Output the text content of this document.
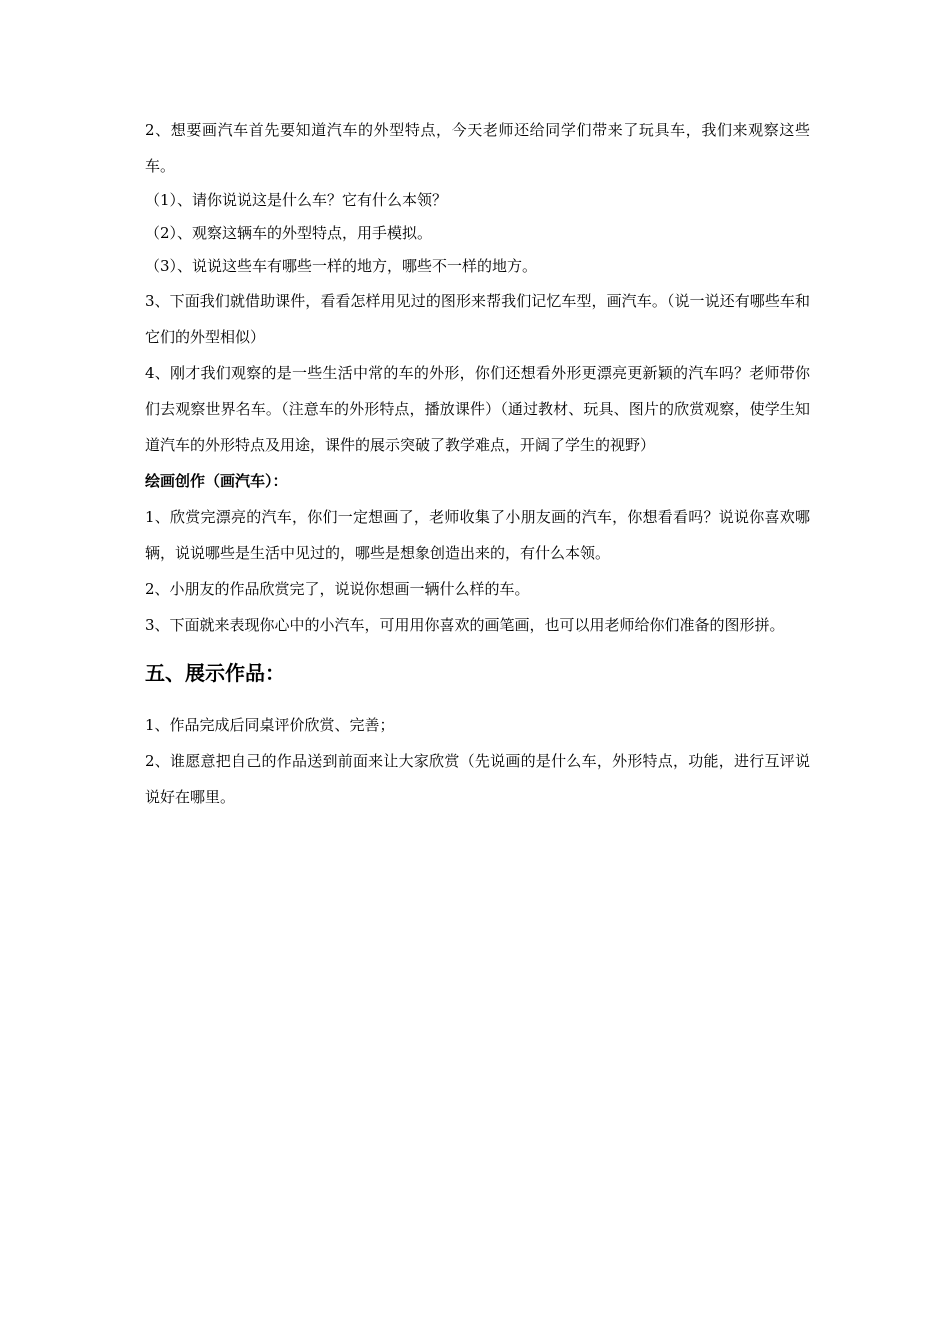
2、想要画汽车首先要知道汽车的外型特点，今天老师还给同学们带来了玩具车，我们来观察这些车。

（1）、请你说说这是什么车？它有什么本领？

（2）、观察这辆车的外型特点，用手模拟。

（3）、说说这些车有哪些一样的地方，哪些不一样的地方。

3、下面我们就借助课件，看看怎样用见过的图形来帮我们记忆车型，画汽车。（说一说还有哪些车和它们的外型相似）

4、刚才我们观察的是一些生活中常的车的外形，你们还想看外形更漂亮更新颖的汽车吗？老师带你们去观察世界名车。（注意车的外形特点，播放课件）（通过教材、玩具、图片的欣赏观察，使学生知道汽车的外形特点及用途，课件的展示突破了教学难点，开阔了学生的视野）

绘画创作（画汽车）：

1、欣赏完漂亮的汽车，你们一定想画了，老师收集了小朋友画的汽车，你想看看吗？说说你喜欢哪辆，说说哪些是生活中见过的，哪些是想象创造出来的，有什么本领。

2、小朋友的作品欣赏完了，说说你想画一辆什么样的车。

3、下面就来表现你心中的小汽车，可用用你喜欢的画笔画，也可以用老师给你们准备的图形拼。

五、展示作品：

1、作品完成后同桌评价欣赏、完善；

2、谁愿意把自己的作品送到前面来让大家欣赏（先说画的是什么车，外形特点，功能，进行互评说说好在哪里。
